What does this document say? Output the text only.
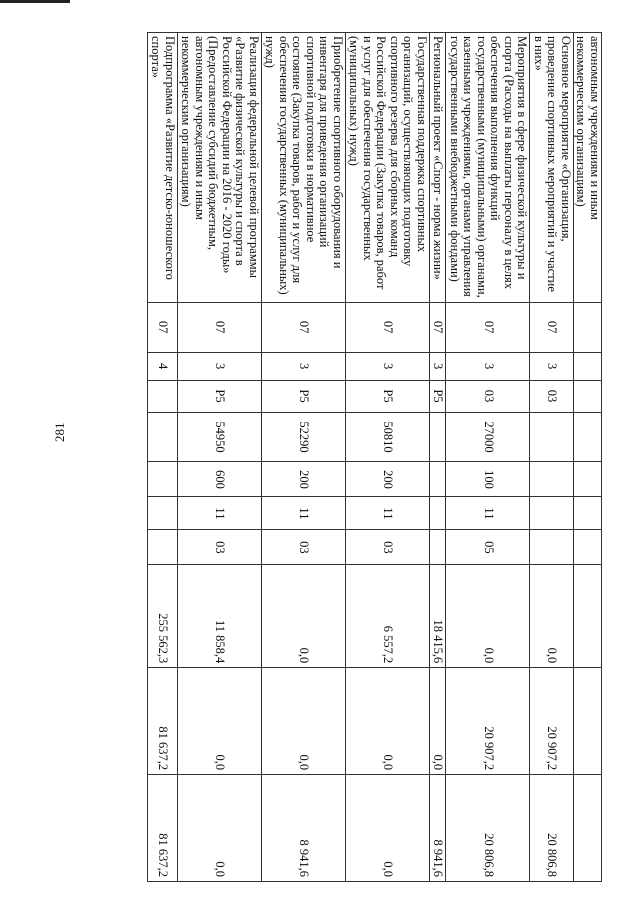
281
автономным учреждениям и иным некоммерческим организациям)										
Основное мероприятие «Организация, проведение спортивных мероприятий и участие в них»	07	3	03					0,0	20 907,2	20 806,8
Мероприятия в сфере физической культуры и спорта (Расходы на выплаты персоналу в целях обеспечения выполнения функций государственными (муниципальными) органами, казенными учреждениями, органами управления государственными внебюджетными фондами)	07	3	03	27000	100	11	05	0,0	20 907,2	20 806,8
Региональный проект «Спорт - норма жизни»	07	3	Р5					18 415,6	0,0	8 941,6
Государственная поддержка спортивных организаций, осуществляющих подготовку спортивного резерва для сборных команд Российской Федерации (Закупка товаров, работ и услуг для обеспечения государственных (муниципальных) нужд)	07	3	Р5	50810	200	11	03	6 557,2	0,0	0,0
Приобретение спортивного оборудования и инвентаря для приведения организаций спортивной подготовки в нормативное состояние (Закупка товаров, работ и услуг для обеспечения государственных (муниципальных) нужд)	07	3	Р5	52290	200	11	03	0,0	0,0	8 941,6
Реализация федеральной целевой программы «Развитие физической культуры и спорта в Российской Федерации на 2016 - 2020 годы» (Предоставление субсидий бюджетным, автономным учреждениям и иным некоммерческим организациям)	07	3	Р5	54950	600	11	03	11 858,4	0,0	0,0
Подпрограмма «Развитие детско-юношеского спорта»	07	4						255 562,3	81 637,2	81 637,2
